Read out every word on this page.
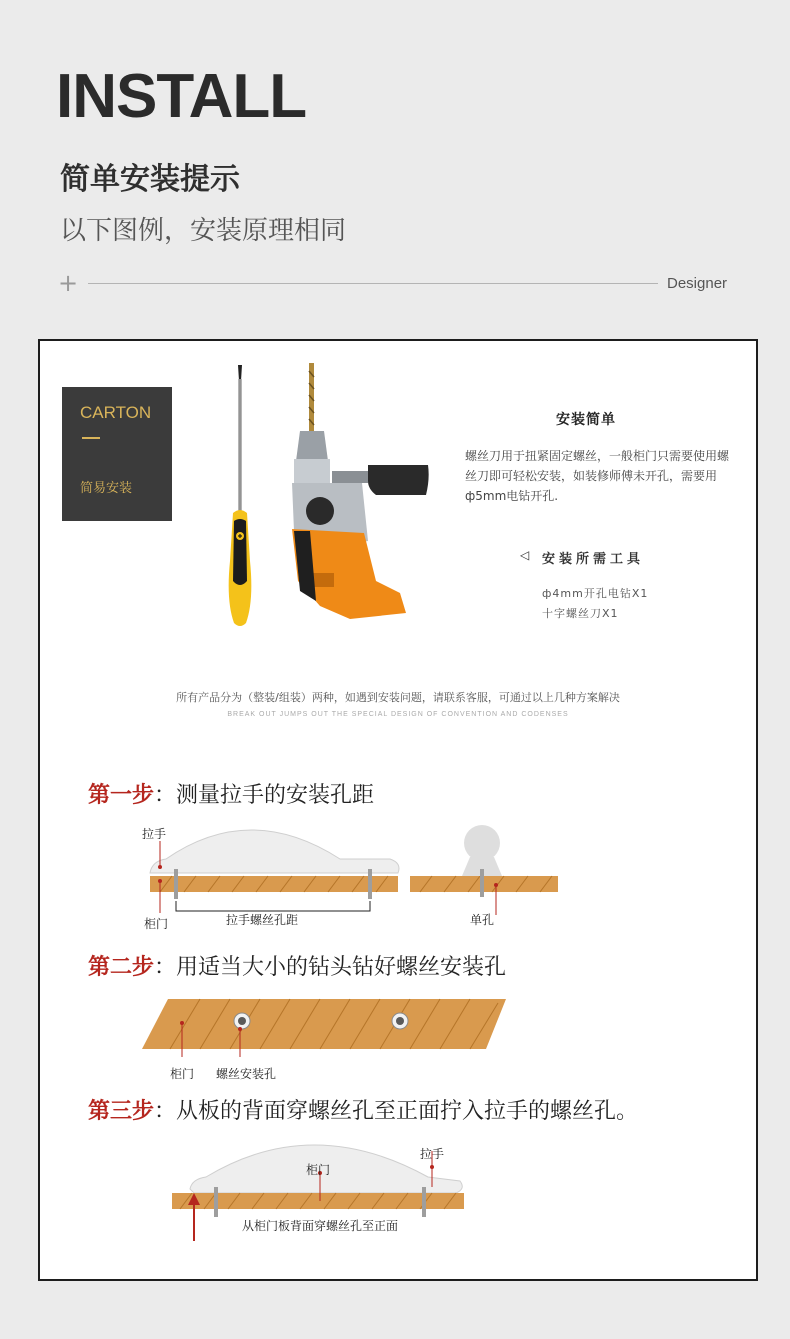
INSTALL
简单安装提示
以下图例，安装原理相同
+	Designer
CARTON
简易安装
安装简单
螺丝刀用于扭紧固定螺丝，一般柜门只需要使用螺丝刀即可轻松安装，如装修师傅未开孔，需要用ф5mm电钻开孔.
◁ 安装所需工具
ф4mm开孔电钻X1
十字螺丝刀X1
所有产品分为（整装/组装）两种，如遇到安装问题，请联系客服，可通过以上几种方案解决
BREAK OUT JUMPS OUT THE SPECIAL DESIGN OF CONVENTION AND CODENSES
第一步：测量拉手的安装孔距
拉手
柜门	拉手螺丝孔距	单孔
第二步：用适当大小的钻头钻好螺丝安装孔
柜门 螺丝安装孔
第三步：从板的背面穿螺丝孔至正面拧入拉手的螺丝孔。
柜门
拉手
从柜门板背面穿螺丝孔至正面
